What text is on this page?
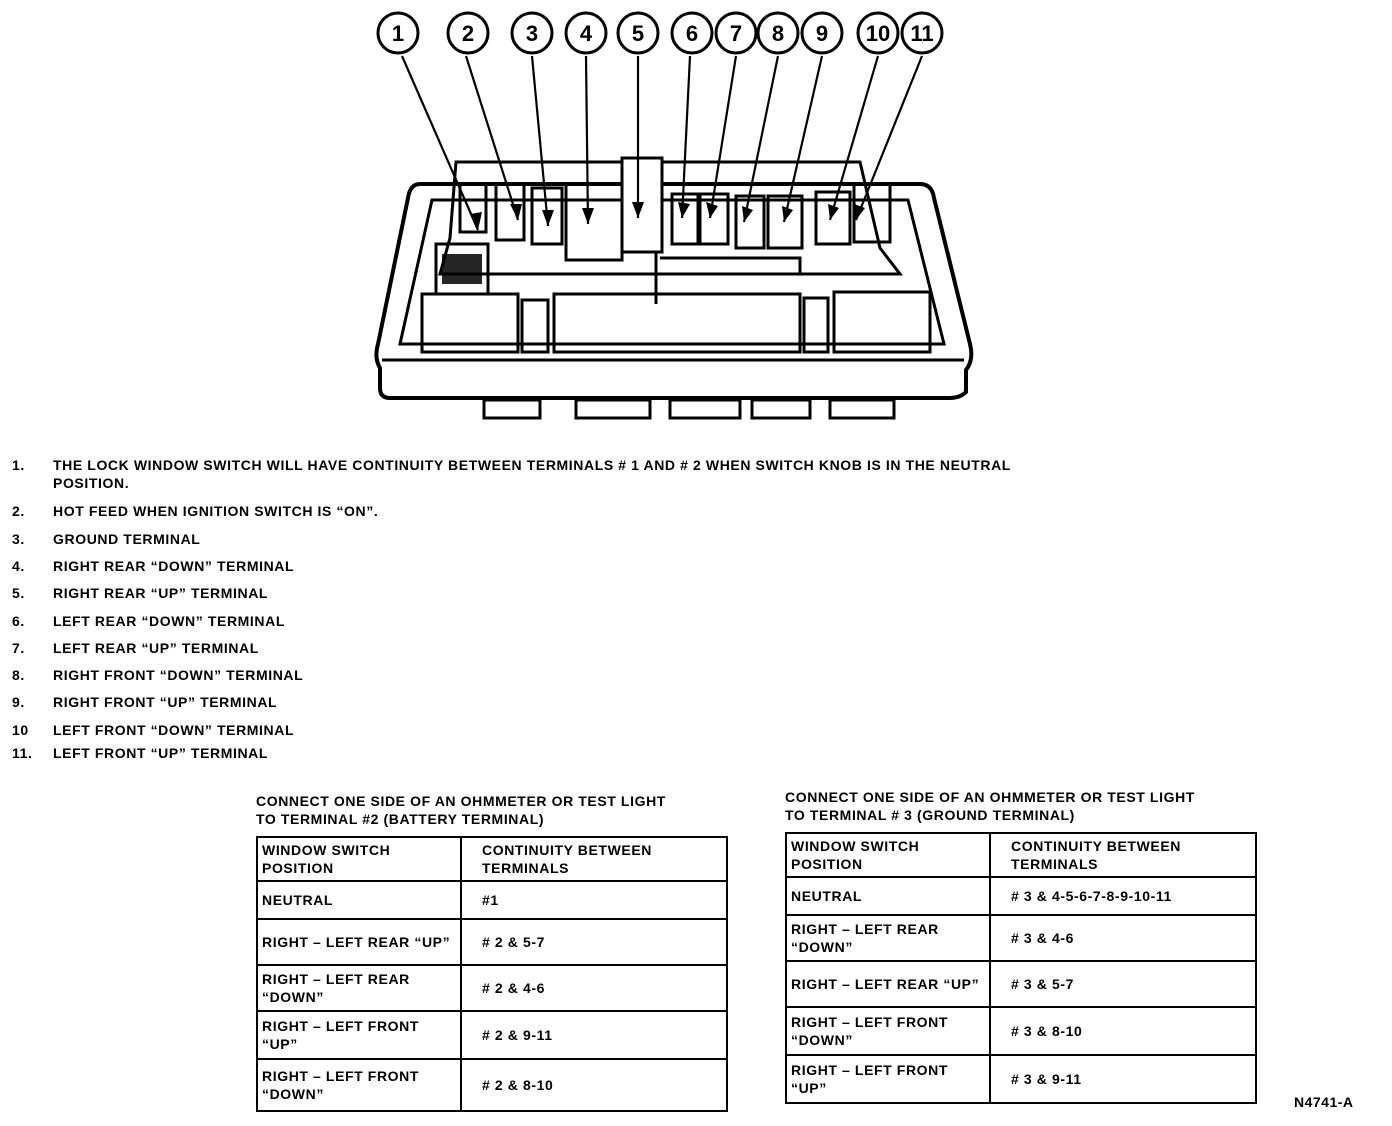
1	2 3 4 5 6 7 8 9 10 11
1. THE LOCK WINDOW SWITCH WILL HAVE CONTINUITY BETWEEN TERMINALS # 1 AND # 2 WHEN SWITCH KNOB IS IN THE NEUTRAL POSITION.
2. HOT FEED WHEN IGNITION SWITCH IS “ON”.
3. GROUND TERMINAL
4. RIGHT REAR “DOWN” TERMINAL
5. RIGHT REAR “UP” TERMINAL
6. LEFT REAR “DOWN” TERMINAL
7. LEFT REAR “UP” TERMINAL
8. RIGHT FRONT “DOWN” TERMINAL
9. RIGHT FRONT “UP” TERMINAL
10 LEFT FRONT “DOWN” TERMINAL
11. LEFT FRONT “UP” TERMINAL
CONNECT ONE SIDE OF AN OHMMETER OR TEST LIGHT
TO TERMINAL #2 (BATTERY TERMINAL)
WINDOW SWITCH POSITION	CONTINUITY BETWEEN TERMINALS
NEUTRAL	#1
RIGHT – LEFT REAR “UP”	# 2 & 5-7
RIGHT – LEFT REAR “DOWN”	# 2 & 4-6
RIGHT – LEFT FRONT “UP”	# 2 & 9-11
RIGHT – LEFT FRONT “DOWN”	# 2 & 8-10
CONNECT ONE SIDE OF AN OHMMETER OR TEST LIGHT
TO TERMINAL # 3 (GROUND TERMINAL)
WINDOW SWITCH POSITION	CONTINUITY BETWEEN TERMINALS
NEUTRAL	# 3 & 4-5-6-7-8-9-10-11
RIGHT – LEFT REAR “DOWN”	# 3 & 4-6
RIGHT – LEFT REAR “UP”	# 3 & 5-7
RIGHT – LEFT FRONT “DOWN”	# 3 & 8-10
RIGHT – LEFT FRONT “UP”	# 3 & 9-11
N4741-A
